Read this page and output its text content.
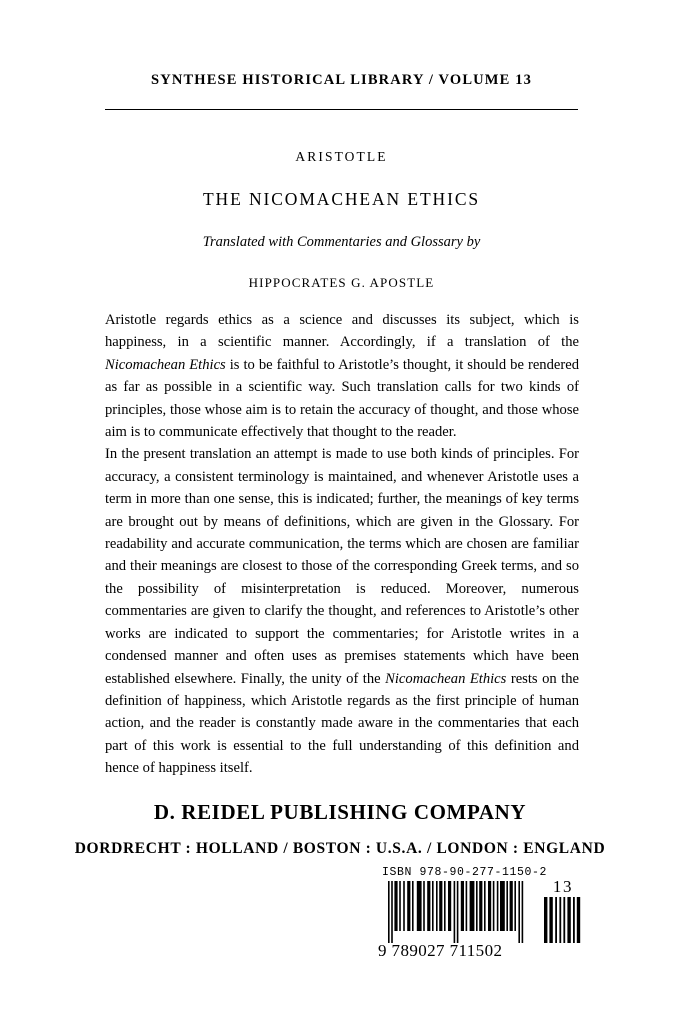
SYNTHESE HISTORICAL LIBRARY / VOLUME 13
ARISTOTLE
THE NICOMACHEAN ETHICS
Translated with Commentaries and Glossary by
HIPPOCRATES G. APOSTLE

Aristotle regards ethics as a science and discusses its subject, which is happiness, in a scientific manner. Accordingly, if a translation of the Nicomachean Ethics is to be faithful to Aristotle’s thought, it should be rendered as far as possible in a scientific way. Such translation calls for two kinds of principles, those whose aim is to retain the accuracy of thought, and those whose aim is to communicate effectively that thought to the reader.

In the present translation an attempt is made to use both kinds of principles. For accuracy, a consistent terminology is maintained, and whenever Aristotle uses a term in more than one sense, this is indicated; further, the meanings of key terms are brought out by means of definitions, which are given in the Glossary. For readability and accurate communication, the terms which are chosen are familiar and their meanings are closest to those of the corresponding Greek terms, and so the possibility of misinterpretation is reduced. Moreover, numerous commentaries are given to clarify the thought, and references to Aristotle’s other works are indicated to support the commentaries; for Aristotle writes in a condensed manner and often uses as premises statements which have been established elsewhere. Finally, the unity of the Nicomachean Ethics rests on the definition of happiness, which Aristotle regards as the first principle of human action, and the reader is constantly made aware in the commentaries that each part of this work is essential to the full understanding of this definition and hence of happiness itself.

D. REIDEL PUBLISHING COMPANY
DORDRECHT : HOLLAND / BOSTON : U.S.A. / LONDON : ENGLAND
ISBN 978-90-277-1150-2
9 789027 711502
13
